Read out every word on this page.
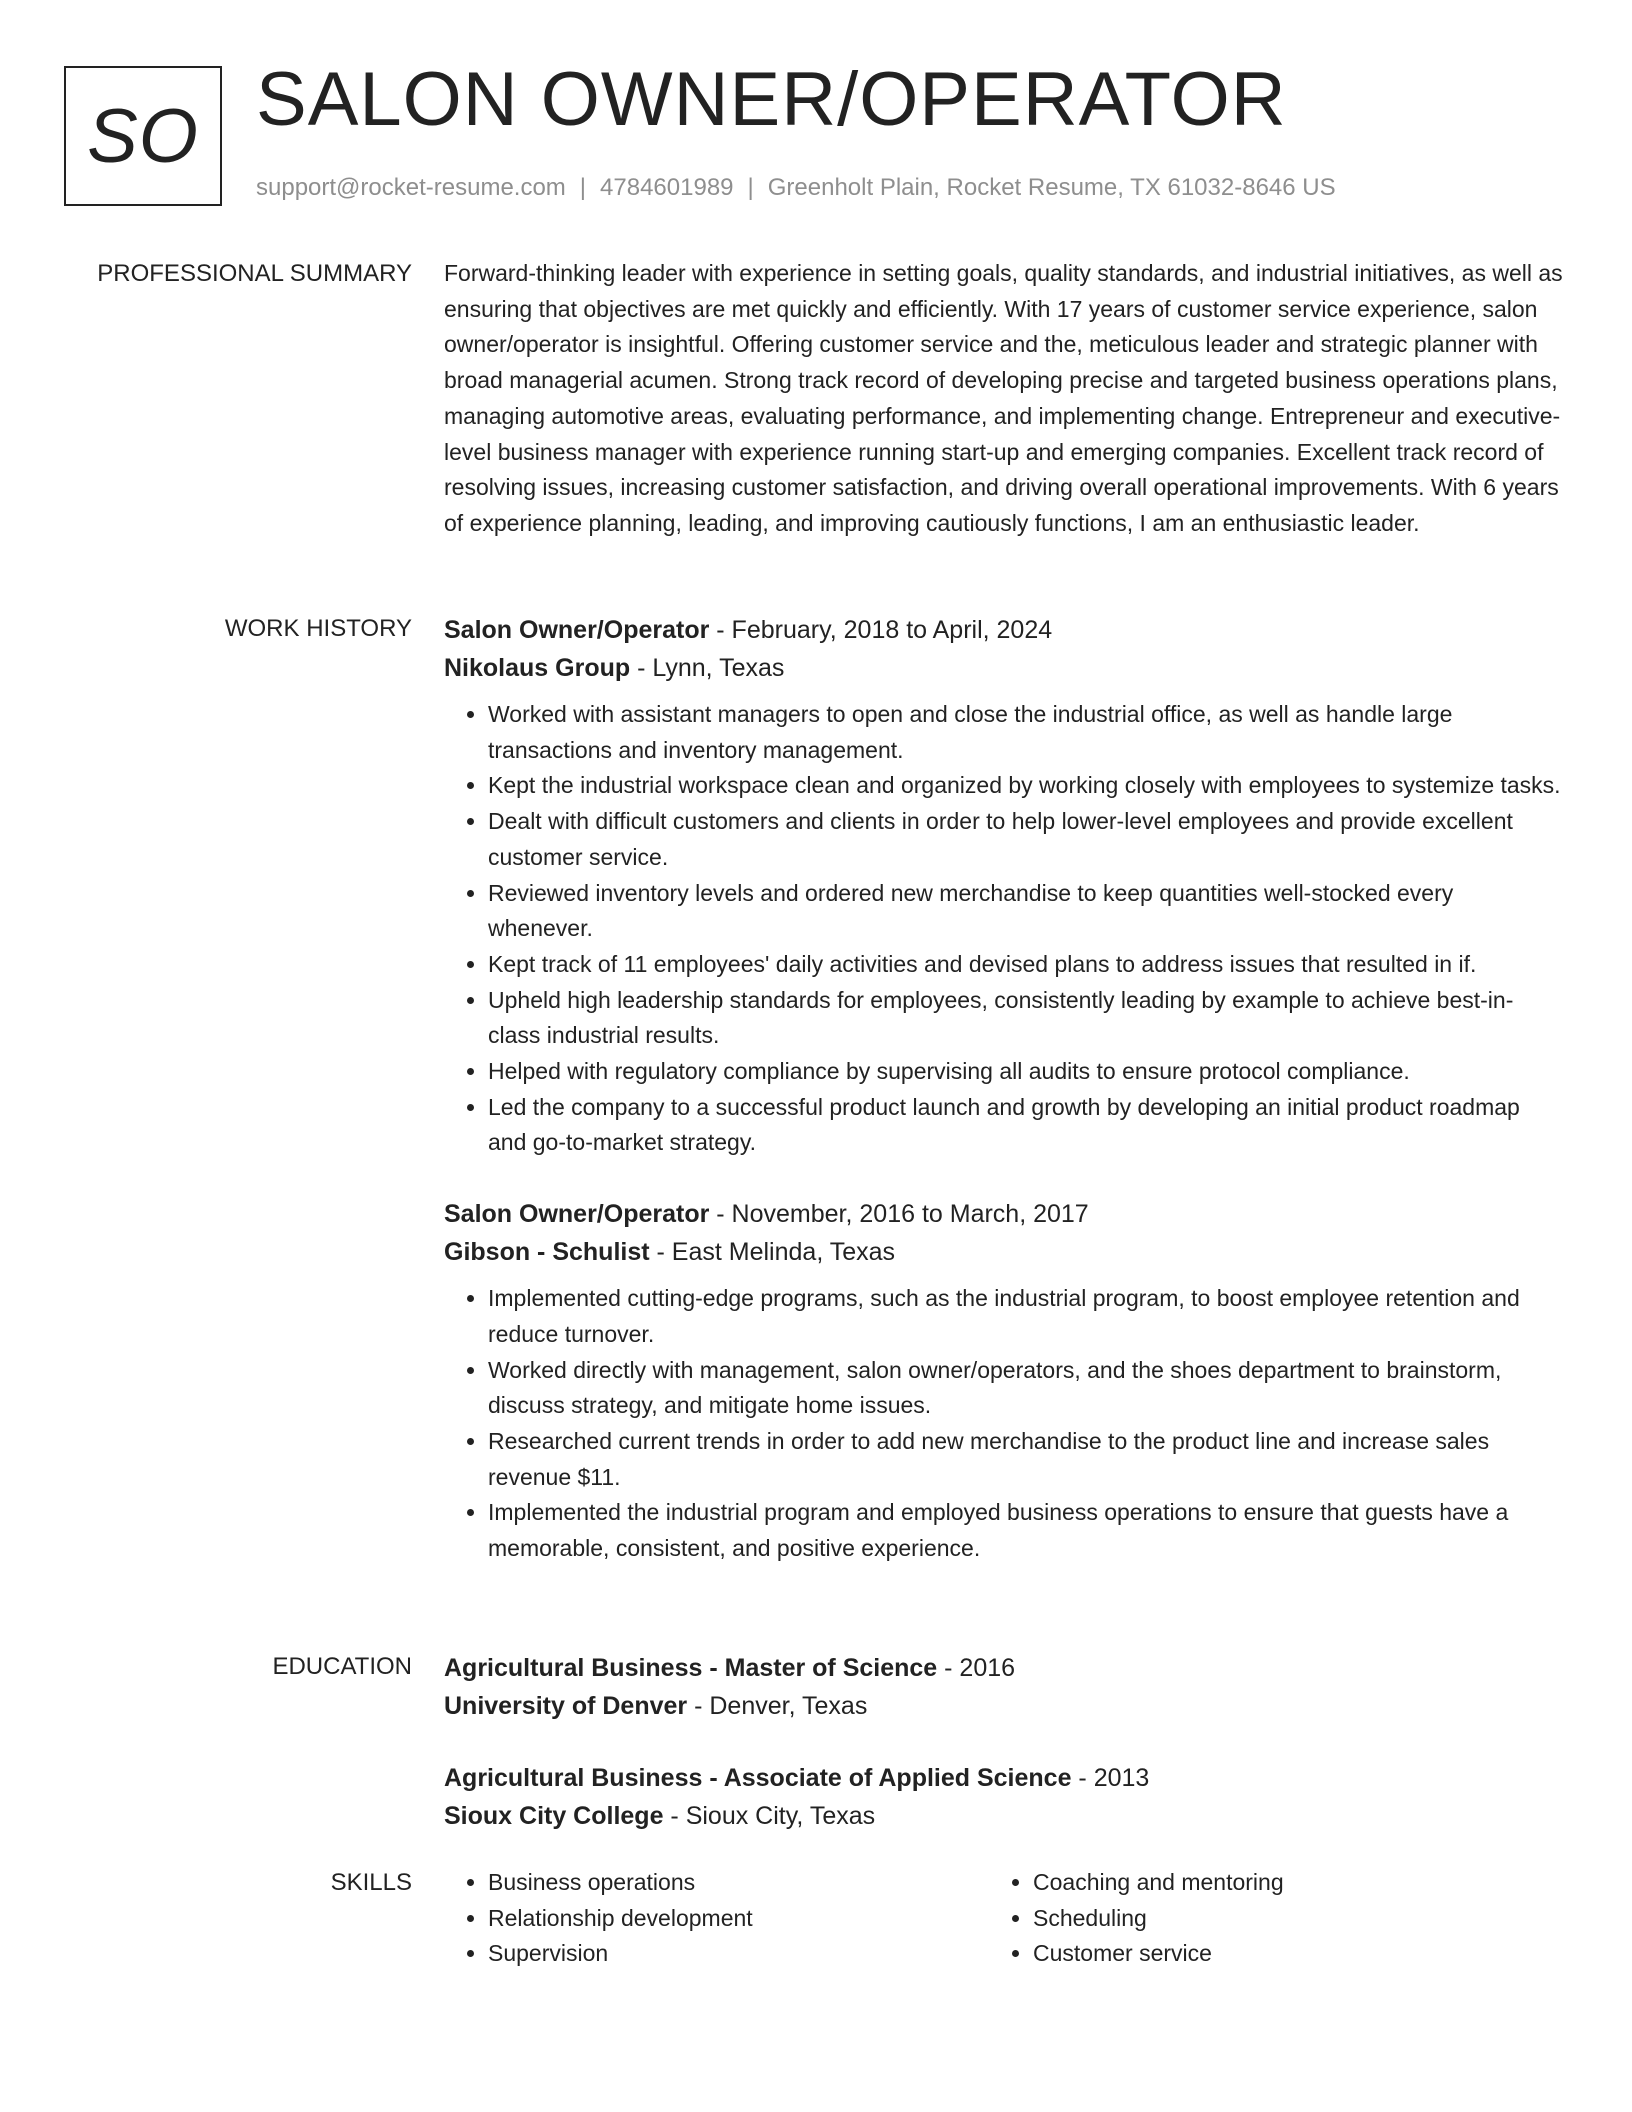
SO SALON OWNER/OPERATOR
support@rocket-resume.com | 4784601989 | Greenholt Plain, Rocket Resume, TX 61032-8646 US
PROFESSIONAL SUMMARY Forward-thinking leader with experience in setting goals, quality standards, and industrial initiatives, as well as ensuring that objectives are met quickly and efficiently. With 17 years of customer service experience, salon owner/operator is insightful. Offering customer service and the, meticulous leader and strategic planner with broad managerial acumen. Strong track record of developing precise and targeted business operations plans, managing automotive areas, evaluating performance, and implementing change. Entrepreneur and executive-level business manager with experience running start-up and emerging companies. Excellent track record of resolving issues, increasing customer satisfaction, and driving overall operational improvements. With 6 years of experience planning, leading, and improving cautiously functions, I am an enthusiastic leader.

WORK HISTORY Salon Owner/Operator - February, 2018 to April, 2024

Nikolaus Group - Lynn, Texas

• Worked with assistant managers to open and close the industrial office, as well as handle large transactions and inventory management.
• Kept the industrial workspace clean and organized by working closely with employees to systemize tasks.
• Dealt with difficult customers and clients in order to help lower-level employees and provide excellent customer service.
• Reviewed inventory levels and ordered new merchandise to keep quantities well-stocked every whenever.
• Kept track of 11 employees' daily activities and devised plans to address issues that resulted in if.
• Upheld high leadership standards for employees, consistently leading by example to achieve best-in-class industrial results.
• Helped with regulatory compliance by supervising all audits to ensure protocol compliance.
• Led the company to a successful product launch and growth by developing an initial product roadmap and go-to-market strategy.

Salon Owner/Operator - November, 2016 to March, 2017

Gibson - Schulist - East Melinda, Texas

• Implemented cutting-edge programs, such as the industrial program, to boost employee retention and reduce turnover.
• Worked directly with management, salon owner/operators, and the shoes department to brainstorm, discuss strategy, and mitigate home issues.
• Researched current trends in order to add new merchandise to the product line and increase sales revenue $11.
• Implemented the industrial program and employed business operations to ensure that guests have a memorable, consistent, and positive experience.
EDUCATION Agricultural Business - Master of Science - 2016

University of Denver - Denver, Texas

Agricultural Business - Associate of Applied Science - 2013

Sioux City College - Sioux City, Texas

SKILLS
•	Business operations
• Relationship development
• Supervision
• Coaching and mentoring
• Scheduling
• Customer service
